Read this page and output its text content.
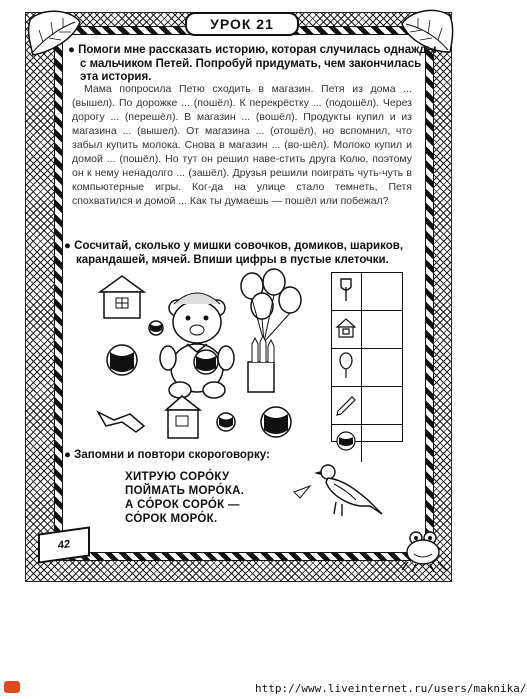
УРОК 21
● Помоги мне рассказать историю, которая случилась однажды
с мальчиком Петей. Попробуй придумать, чем закончилась
эта история.

Мама попросила Петю сходить в магазин. Петя из дома ... (вышел). По дорожке ... (пошёл). К перекрёстку ... (подошёл). Через дорогу ... (перешёл). В магазин ... (вошёл). Продукты купил и из магазина ... (вышел). От магазина ... (отошёл), но вспомнил, что забыл купить молока. Снова в магазин ... (во-шёл). Молоко купил и домой ... (пошёл). Но тут он решил наве-стить друга Колю, поэтому он к нему ненадолго ... (зашёл). Друзья решили поиграть чуть-чуть в компьютерные игры. Ког-да на улице стало темнеть, Петя спохватился и домой ... Как ты думаешь — пошёл или побежал?

● Сосчитай, сколько у мишки совочков, домиков, шариков,
карандашей, мячей. Впиши цифры в пустые клеточки.
● Запомни и повтори скороговорку:
ХИТРУЮ СОРО́КУ
ПОЙМАТЬ МОРО́КА.
А СО́РОК СОРО́К —
СО́РОК МОРО́К.
42
http://www.liveinternet.ru/users/maknika/
